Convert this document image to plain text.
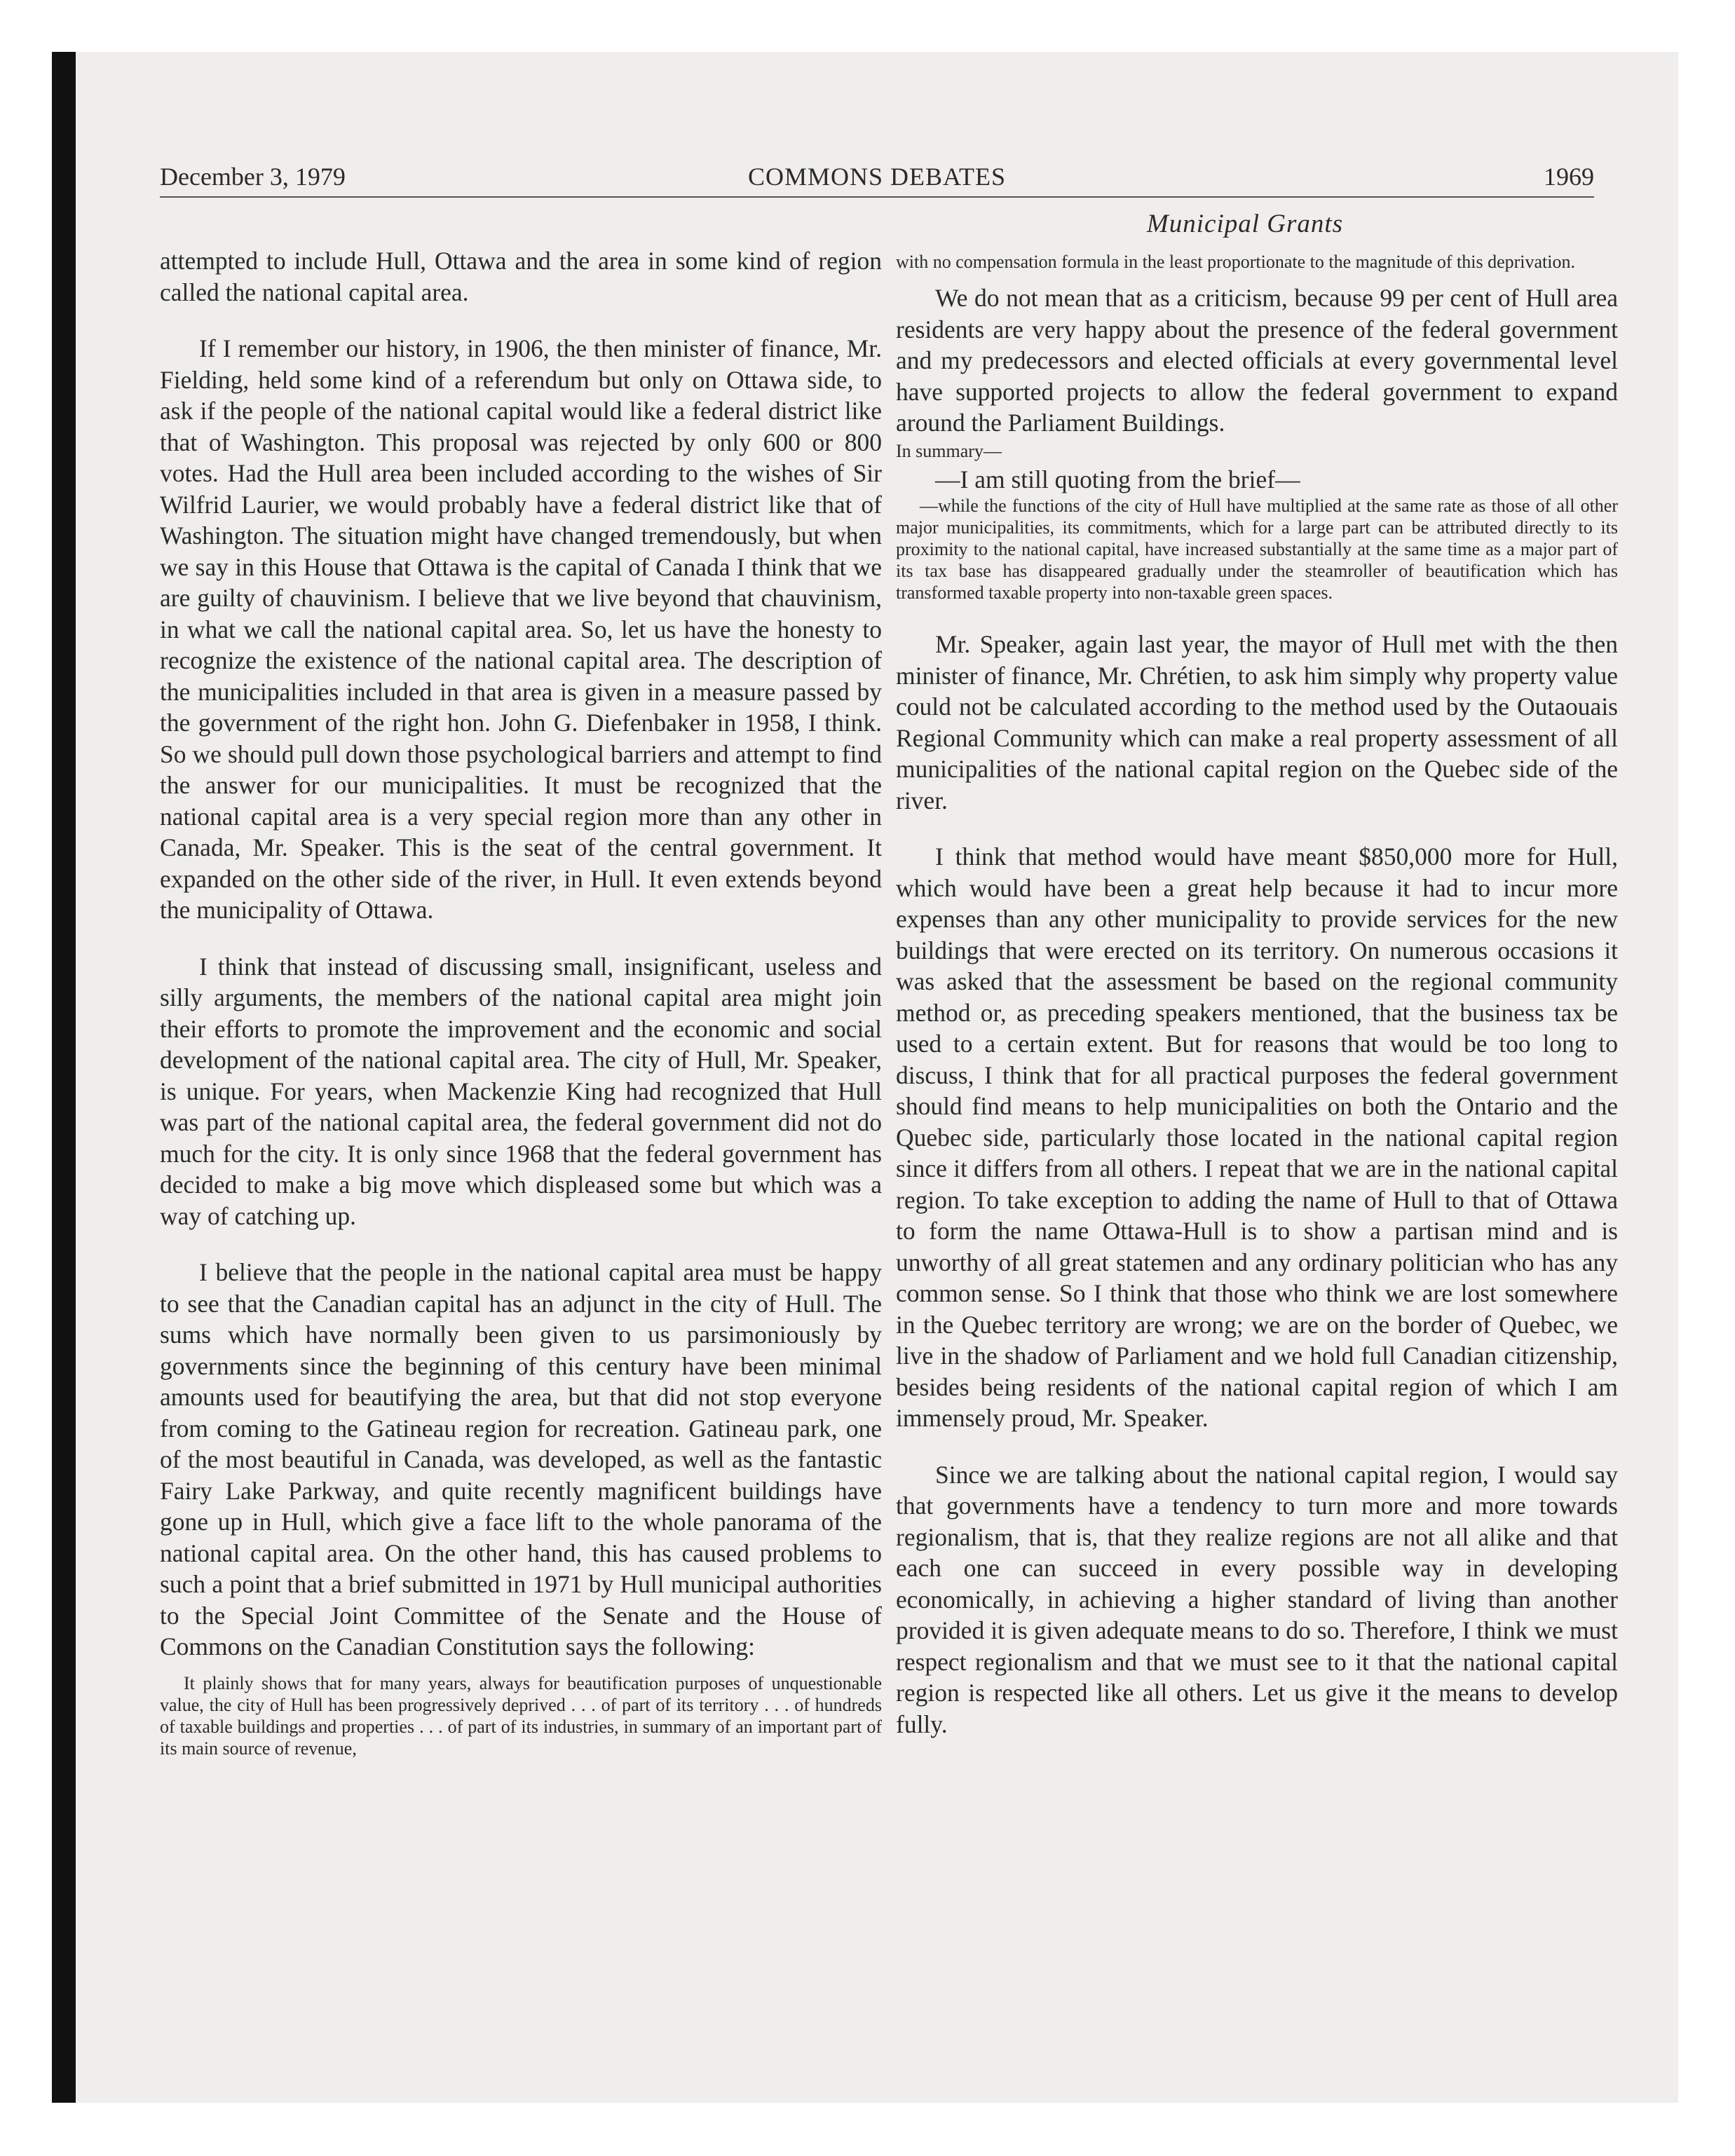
December 3, 1979	COMMONS DEBATES	1969
Municipal Grants

attempted to include Hull, Ottawa and the area in some kind of region called the national capital area.

If I remember our history, in 1906, the then minister of finance, Mr. Fielding, held some kind of a referendum but only on Ottawa side, to ask if the people of the national capital would like a federal district like that of Washington. This proposal was rejected by only 600 or 800 votes. Had the Hull area been included according to the wishes of Sir Wilfrid Laurier, we would probably have a federal district like that of Washington. The situation might have changed tremendously, but when we say in this House that Ottawa is the capital of Canada I think that we are guilty of chauvinism. I believe that we live beyond that chauvinism, in what we call the national capital area. So, let us have the honesty to recognize the existence of the national capital area. The description of the municipalities included in that area is given in a measure passed by the government of the right hon. John G. Diefenbaker in 1958, I think. So we should pull down those psychological barriers and attempt to find the answer for our municipalities. It must be recognized that the national capital area is a very special region more than any other in Canada, Mr. Speaker. This is the seat of the central government. It expanded on the other side of the river, in Hull. It even extends beyond the municipality of Ottawa.

I think that instead of discussing small, insignificant, useless and silly arguments, the members of the national capital area might join their efforts to promote the improvement and the economic and social development of the national capital area. The city of Hull, Mr. Speaker, is unique. For years, when Mackenzie King had recognized that Hull was part of the national capital area, the federal government did not do much for the city. It is only since 1968 that the federal government has decided to make a big move which displeased some but which was a way of catching up.

I believe that the people in the national capital area must be happy to see that the Canadian capital has an adjunct in the city of Hull. The sums which have normally been given to us parsimoniously by governments since the beginning of this century have been minimal amounts used for beautifying the area, but that did not stop everyone from coming to the Gatineau region for recreation. Gatineau park, one of the most beautiful in Canada, was developed, as well as the fantastic Fairy Lake Parkway, and quite recently magnificent buildings have gone up in Hull, which give a face lift to the whole panorama of the national capital area. On the other hand, this has caused problems to such a point that a brief submitted in 1971 by Hull municipal authorities to the Special Joint Committee of the Senate and the House of Commons on the Canadian Constitution says the following:

It plainly shows that for many years, always for beautification purposes of unquestionable value, the city of Hull has been progressively deprived . . . of part of its territory . . . of hundreds of taxable buildings and properties . . . of part of its industries, in summary of an important part of its main source of revenue,

with no compensation formula in the least proportionate to the magnitude of this deprivation.

We do not mean that as a criticism, because 99 per cent of Hull area residents are very happy about the presence of the federal government and my predecessors and elected officials at every governmental level have supported projects to allow the federal government to expand around the Parliament Buildings.

In summary—

—I am still quoting from the brief—

—while the functions of the city of Hull have multiplied at the same rate as those of all other major municipalities, its commitments, which for a large part can be attributed directly to its proximity to the national capital, have increased substantially at the same time as a major part of its tax base has disappeared gradually under the steamroller of beautification which has transformed taxable property into non-taxable green spaces.

Mr. Speaker, again last year, the mayor of Hull met with the then minister of finance, Mr. Chrétien, to ask him simply why property value could not be calculated according to the method used by the Outaouais Regional Community which can make a real property assessment of all municipalities of the national capital region on the Quebec side of the river.

I think that method would have meant $850,000 more for Hull, which would have been a great help because it had to incur more expenses than any other municipality to provide services for the new buildings that were erected on its territory. On numerous occasions it was asked that the assessment be based on the regional community method or, as preceding speakers mentioned, that the business tax be used to a certain extent. But for reasons that would be too long to discuss, I think that for all practical purposes the federal government should find means to help municipalities on both the Ontario and the Quebec side, particularly those located in the national capital region since it differs from all others. I repeat that we are in the national capital region. To take exception to adding the name of Hull to that of Ottawa to form the name Ottawa-Hull is to show a partisan mind and is unworthy of all great statemen and any ordinary politician who has any common sense. So I think that those who think we are lost somewhere in the Quebec territory are wrong; we are on the border of Quebec, we live in the shadow of Parliament and we hold full Canadian citizenship, besides being residents of the national capital region of which I am immensely proud, Mr. Speaker.

Since we are talking about the national capital region, I would say that governments have a tendency to turn more and more towards regionalism, that is, that they realize regions are not all alike and that each one can succeed in every possible way in developing economically, in achieving a higher standard of living than another provided it is given adequate means to do so. Therefore, I think we must respect regionalism and that we must see to it that the national capital region is respected like all others. Let us give it the means to develop fully.
